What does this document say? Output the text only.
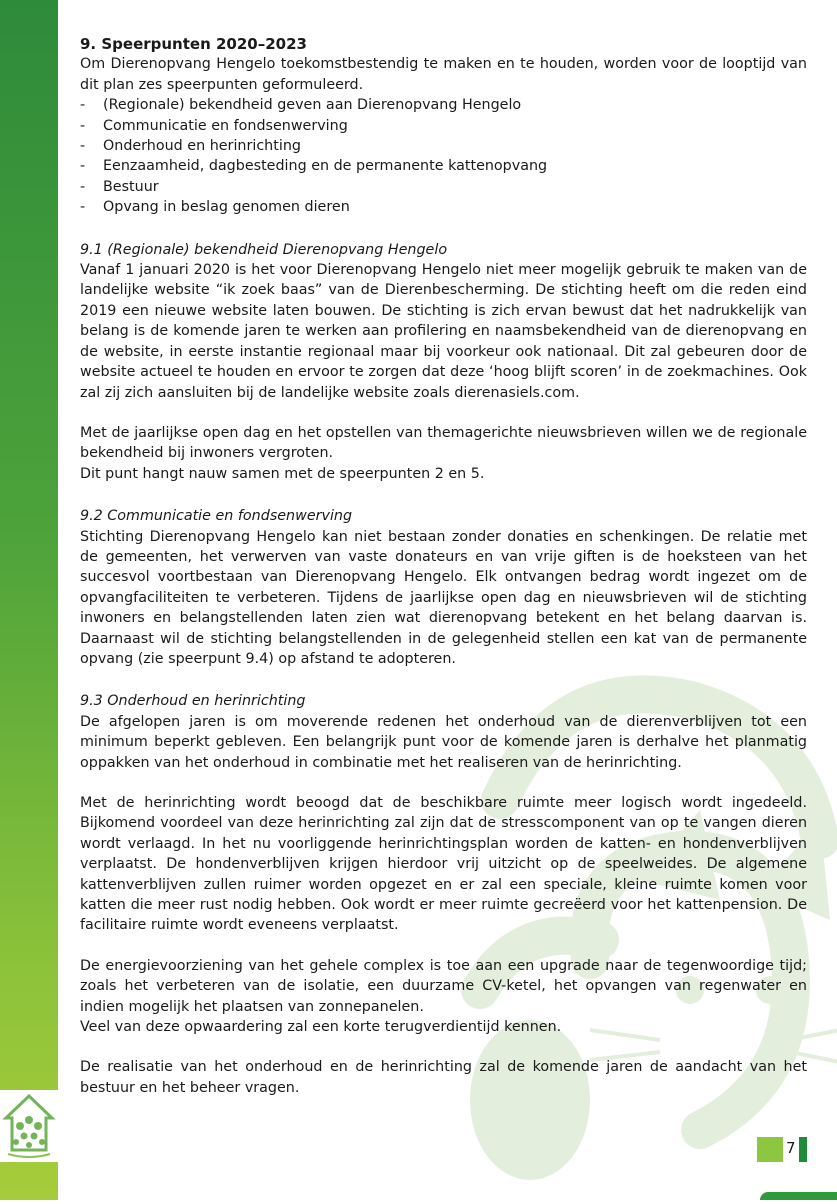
9. Speerpunten 2020–2023

Om Dierenopvang Hengelo toekomstbestendig te maken en te houden, worden voor de looptijd van dit plan zes speerpunten geformuleerd.

-	(Regionale) bekendheid geven aan Dierenopvang Hengelo
-	Communicatie en fondsenwerving
-	Onderhoud en herinrichting
-	Eenzaamheid, dagbesteding en de permanente kattenopvang
-	Bestuur
-	Opvang in beslag genomen dieren

9.1 (Regionale) bekendheid Dierenopvang Hengelo

Vanaf 1 januari 2020 is het voor Dierenopvang Hengelo niet meer mogelijk gebruik te maken van de landelijke website “ik zoek baas” van de Dierenbescherming. De stichting heeft om die reden eind 2019 een nieuwe website laten bouwen. De stichting is zich ervan bewust dat het nadrukkelijk van belang is de komende jaren te werken aan profilering en naamsbekendheid van de dierenopvang en de website, in eerste instantie regionaal maar bij voorkeur ook nationaal. Dit zal gebeuren door de website actueel te houden en ervoor te zorgen dat deze ‘hoog blijft scoren’ in de zoekmachines. Ook zal zij zich aansluiten bij de landelijke website zoals dierenasiels.com.

Met de jaarlijkse open dag en het opstellen van themagerichte nieuwsbrieven willen we de regionale bekendheid bij inwoners vergroten.

Dit punt hangt nauw samen met de speerpunten 2 en 5.

9.2 Communicatie en fondsenwerving

Stichting Dierenopvang Hengelo kan niet bestaan zonder donaties en schenkingen. De relatie met de gemeenten, het verwerven van vaste donateurs en van vrije giften is de hoeksteen van het succesvol voortbestaan van Dierenopvang Hengelo. Elk ontvangen bedrag wordt ingezet om de opvangfaciliteiten te verbeteren. Tijdens de jaarlijkse open dag en nieuwsbrieven wil de stichting inwoners en belangstellenden laten zien wat dierenopvang betekent en het belang daarvan is. Daarnaast wil de stichting belangstellenden in de gelegenheid stellen een kat van de permanente opvang (zie speerpunt 9.4) op afstand te adopteren.

9.3 Onderhoud en herinrichting

De afgelopen jaren is om moverende redenen het onderhoud van de dierenverblijven tot een minimum beperkt gebleven. Een belangrijk punt voor de komende jaren is derhalve het planmatig oppakken van het onderhoud in combinatie met het realiseren van de herinrichting.

Met de herinrichting wordt beoogd dat de beschikbare ruimte meer logisch wordt ingedeeld. Bijkomend voordeel van deze herinrichting zal zijn dat de stresscomponent van op te vangen dieren wordt verlaagd. In het nu voorliggende herinrichtingsplan worden de katten- en hondenverblijven verplaatst. De hondenverblijven krijgen hierdoor vrij uitzicht op de speelweides. De algemene kattenverblijven zullen ruimer worden opgezet en er zal een speciale, kleine ruimte komen voor katten die meer rust nodig hebben. Ook wordt er meer ruimte gecreëerd voor het kattenpension. De facilitaire ruimte wordt eveneens verplaatst.

De energievoorziening van het gehele complex is toe aan een upgrade naar de tegenwoordige tijd; zoals het verbeteren van de isolatie, een duurzame CV-ketel, het opvangen van regenwater en indien mogelijk het plaatsen van zonnepanelen.

Veel van deze opwaardering zal een korte terugverdientijd kennen.

De realisatie van het onderhoud en de herinrichting zal de komende jaren de aandacht van het bestuur en het beheer vragen.

7
